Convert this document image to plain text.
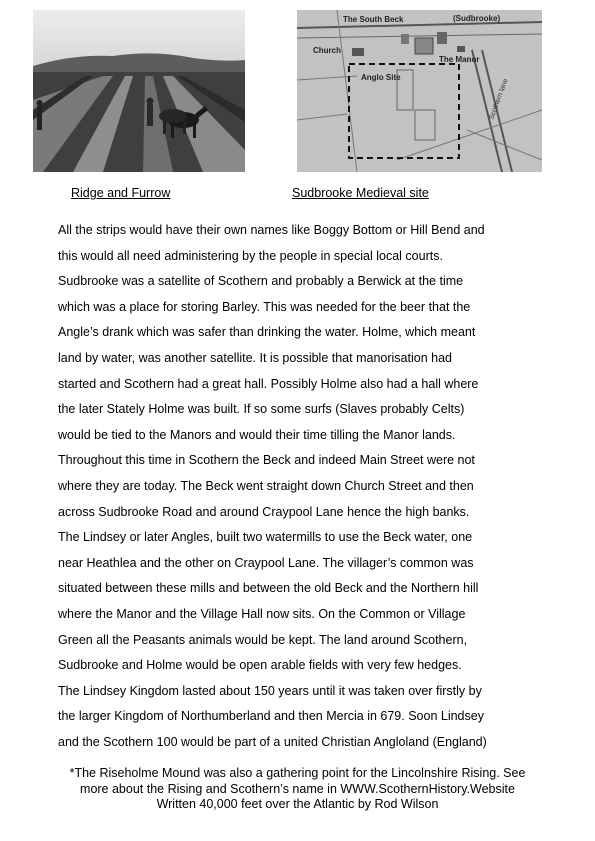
The South Beck	(Sudbrooke)
Church
The Manor
Anglo Site
Scothern lane
Ridge and Furrow	Sudbrooke Medieval site
All the strips would have their own names like Boggy Bottom or Hill Bend and
this would all need administering by the people in special local courts.
Sudbrooke was a satellite of Scothern and probably a Berwick at the time
which was a place for storing Barley. This was needed for the beer that the
Angle’s drank which was safer than drinking the water. Holme, which meant
land by water, was another satellite. It is possible that manorisation had
started and Scothern had a great hall. Possibly Holme also had a hall where
the later Stately Holme was built. If so some surfs (Slaves probably Celts)
would be tied to the Manors and would their time tilling the Manor lands.
Throughout this time in Scothern the Beck and indeed Main Street were not
where they are today. The Beck went straight down Church Street and then
across Sudbrooke Road and around Craypool Lane hence the high banks.
The Lindsey or later Angles, built two watermills to use the Beck water, one
near Heathlea and the other on Craypool Lane. The villager’s common was
situated between these mills and between the old Beck and the Northern hill
where the Manor and the Village Hall now sits. On the Common or Village
Green all the Peasants animals would be kept. The land around Scothern,
Sudbrooke and Holme would be open arable fields with very few hedges.
The Lindsey Kingdom lasted about 150 years until it was taken over firstly by
the larger Kingdom of Northumberland and then Mercia in 679. Soon Lindsey
and the Scothern 100 would be part of a united Christian Angloland (England)
*The Riseholme Mound was also a gathering point for the Lincolnshire Rising. See
more about the Rising and Scothern’s name in WWW.ScothernHistory.Website
Written 40,000 feet over the Atlantic by Rod Wilson
